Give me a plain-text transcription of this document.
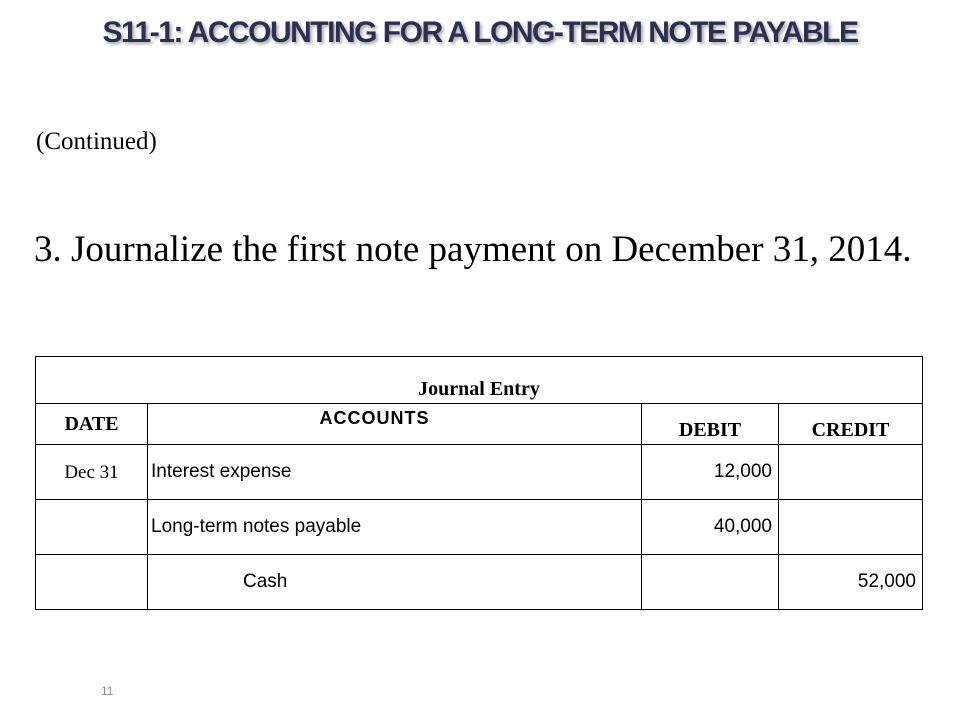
S11-1: ACCOUNTING FOR A LONG-TERM NOTE PAYABLE
(Continued)
3. Journalize the first note payment on December 31, 2014.
Journal Entry			
DATE	ACCOUNTS	DEBIT	CREDIT
Dec 31	Interest expense	12,000	
	Long-term notes payable	40,000	
	Cash		52,000
11
